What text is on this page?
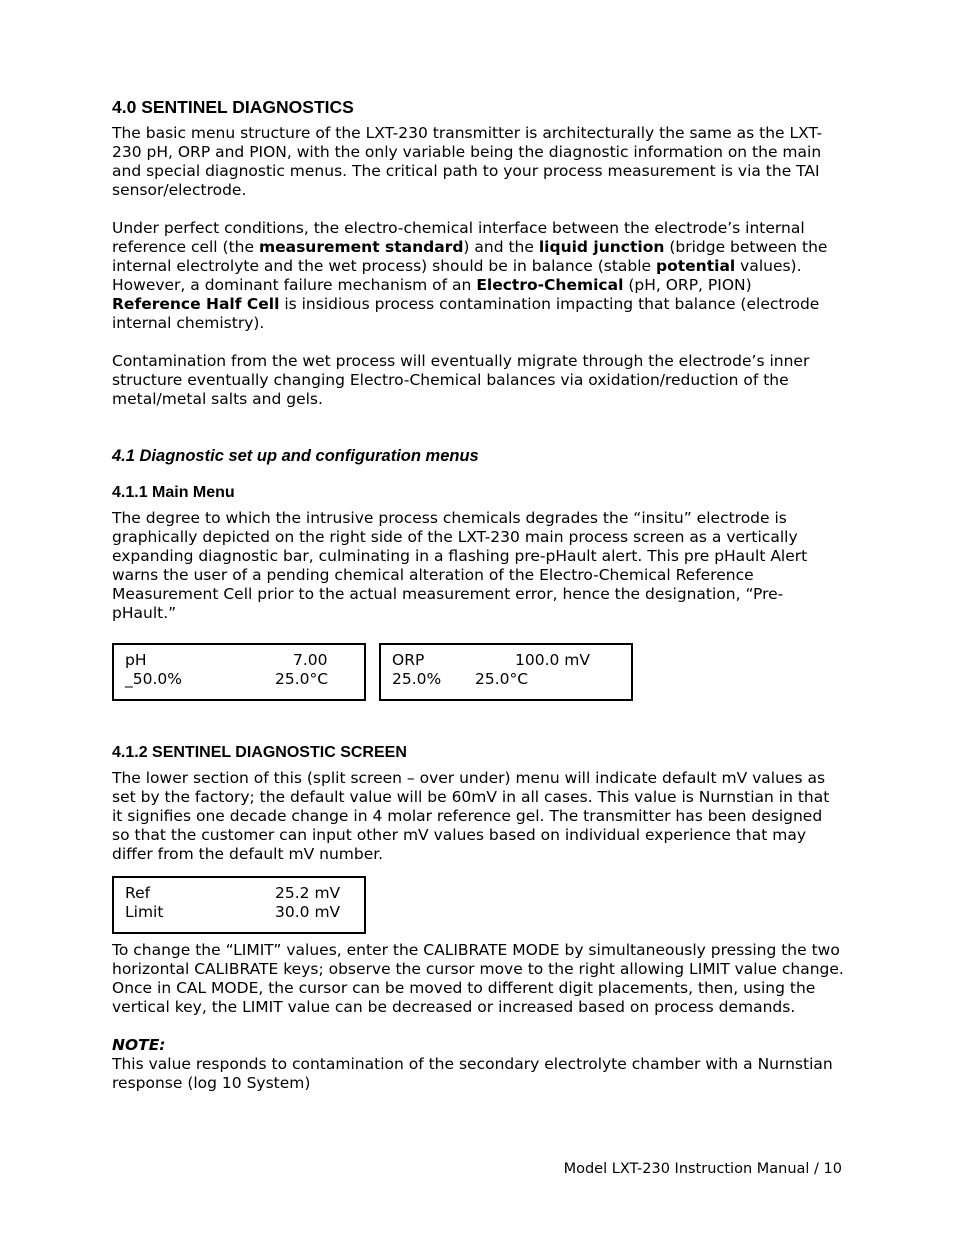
4.0 SENTINEL DIAGNOSTICS

The basic menu structure of the LXT-230 transmitter is architecturally the same as the LXT-230 pH, ORP and PION, with the only variable being the diagnostic information on the main and special diagnostic menus. The critical path to your process measurement is via the TAI sensor/electrode.

Under perfect conditions, the electro-chemical interface between the electrode’s internal reference cell (the measurement standard) and the liquid junction (bridge between the internal electrolyte and the wet process) should be in balance (stable potential values). However, a dominant failure mechanism of an Electro-Chemical (pH, ORP, PION) Reference Half Cell is insidious process contamination impacting that balance (electrode internal chemistry).

Contamination from the wet process will eventually migrate through the electrode’s inner structure eventually changing Electro-Chemical balances via oxidation/reduction of the metal/metal salts and gels.

4.1 Diagnostic set up and configuration menus
4.1.1 Main Menu

The degree to which the intrusive process chemicals degrades the “insitu” electrode is graphically depicted on the right side of the LXT-230 main process screen as a vertically expanding diagnostic bar, culminating in a flashing pre-pHault alert. This pre pHault Alert warns the user of a pending chemical alteration of the Electro-Chemical Reference Measurement Cell prior to the actual measurement error, hence the designation, “Pre-pHault.”

pH	7.00
_50.0%	25.0°C
ORP	100.0 mV
25.0% 25.0°C
4.1.2 SENTINEL DIAGNOSTIC SCREEN

The lower section of this (split screen – over under) menu will indicate default mV values as set by the factory; the default value will be 60mV in all cases. This value is Nurnstian in that it signifies one decade change in 4 molar reference gel. The transmitter has been designed so that the customer can input other mV values based on individual experience that may differ from the default mV number.

Ref	25.2 mV
Limit	30.0 mV

To change the “LIMIT” values, enter the CALIBRATE MODE by simultaneously pressing the two horizontal CALIBRATE keys; observe the cursor move to the right allowing LIMIT value change. Once in CAL MODE, the cursor can be moved to different digit placements, then, using the vertical key, the LIMIT value can be decreased or increased based on process demands.

NOTE:

This value responds to contamination of the secondary electrolyte chamber with a Nurnstian response (log 10 System)

Model LXT-230 Instruction Manual / 10
